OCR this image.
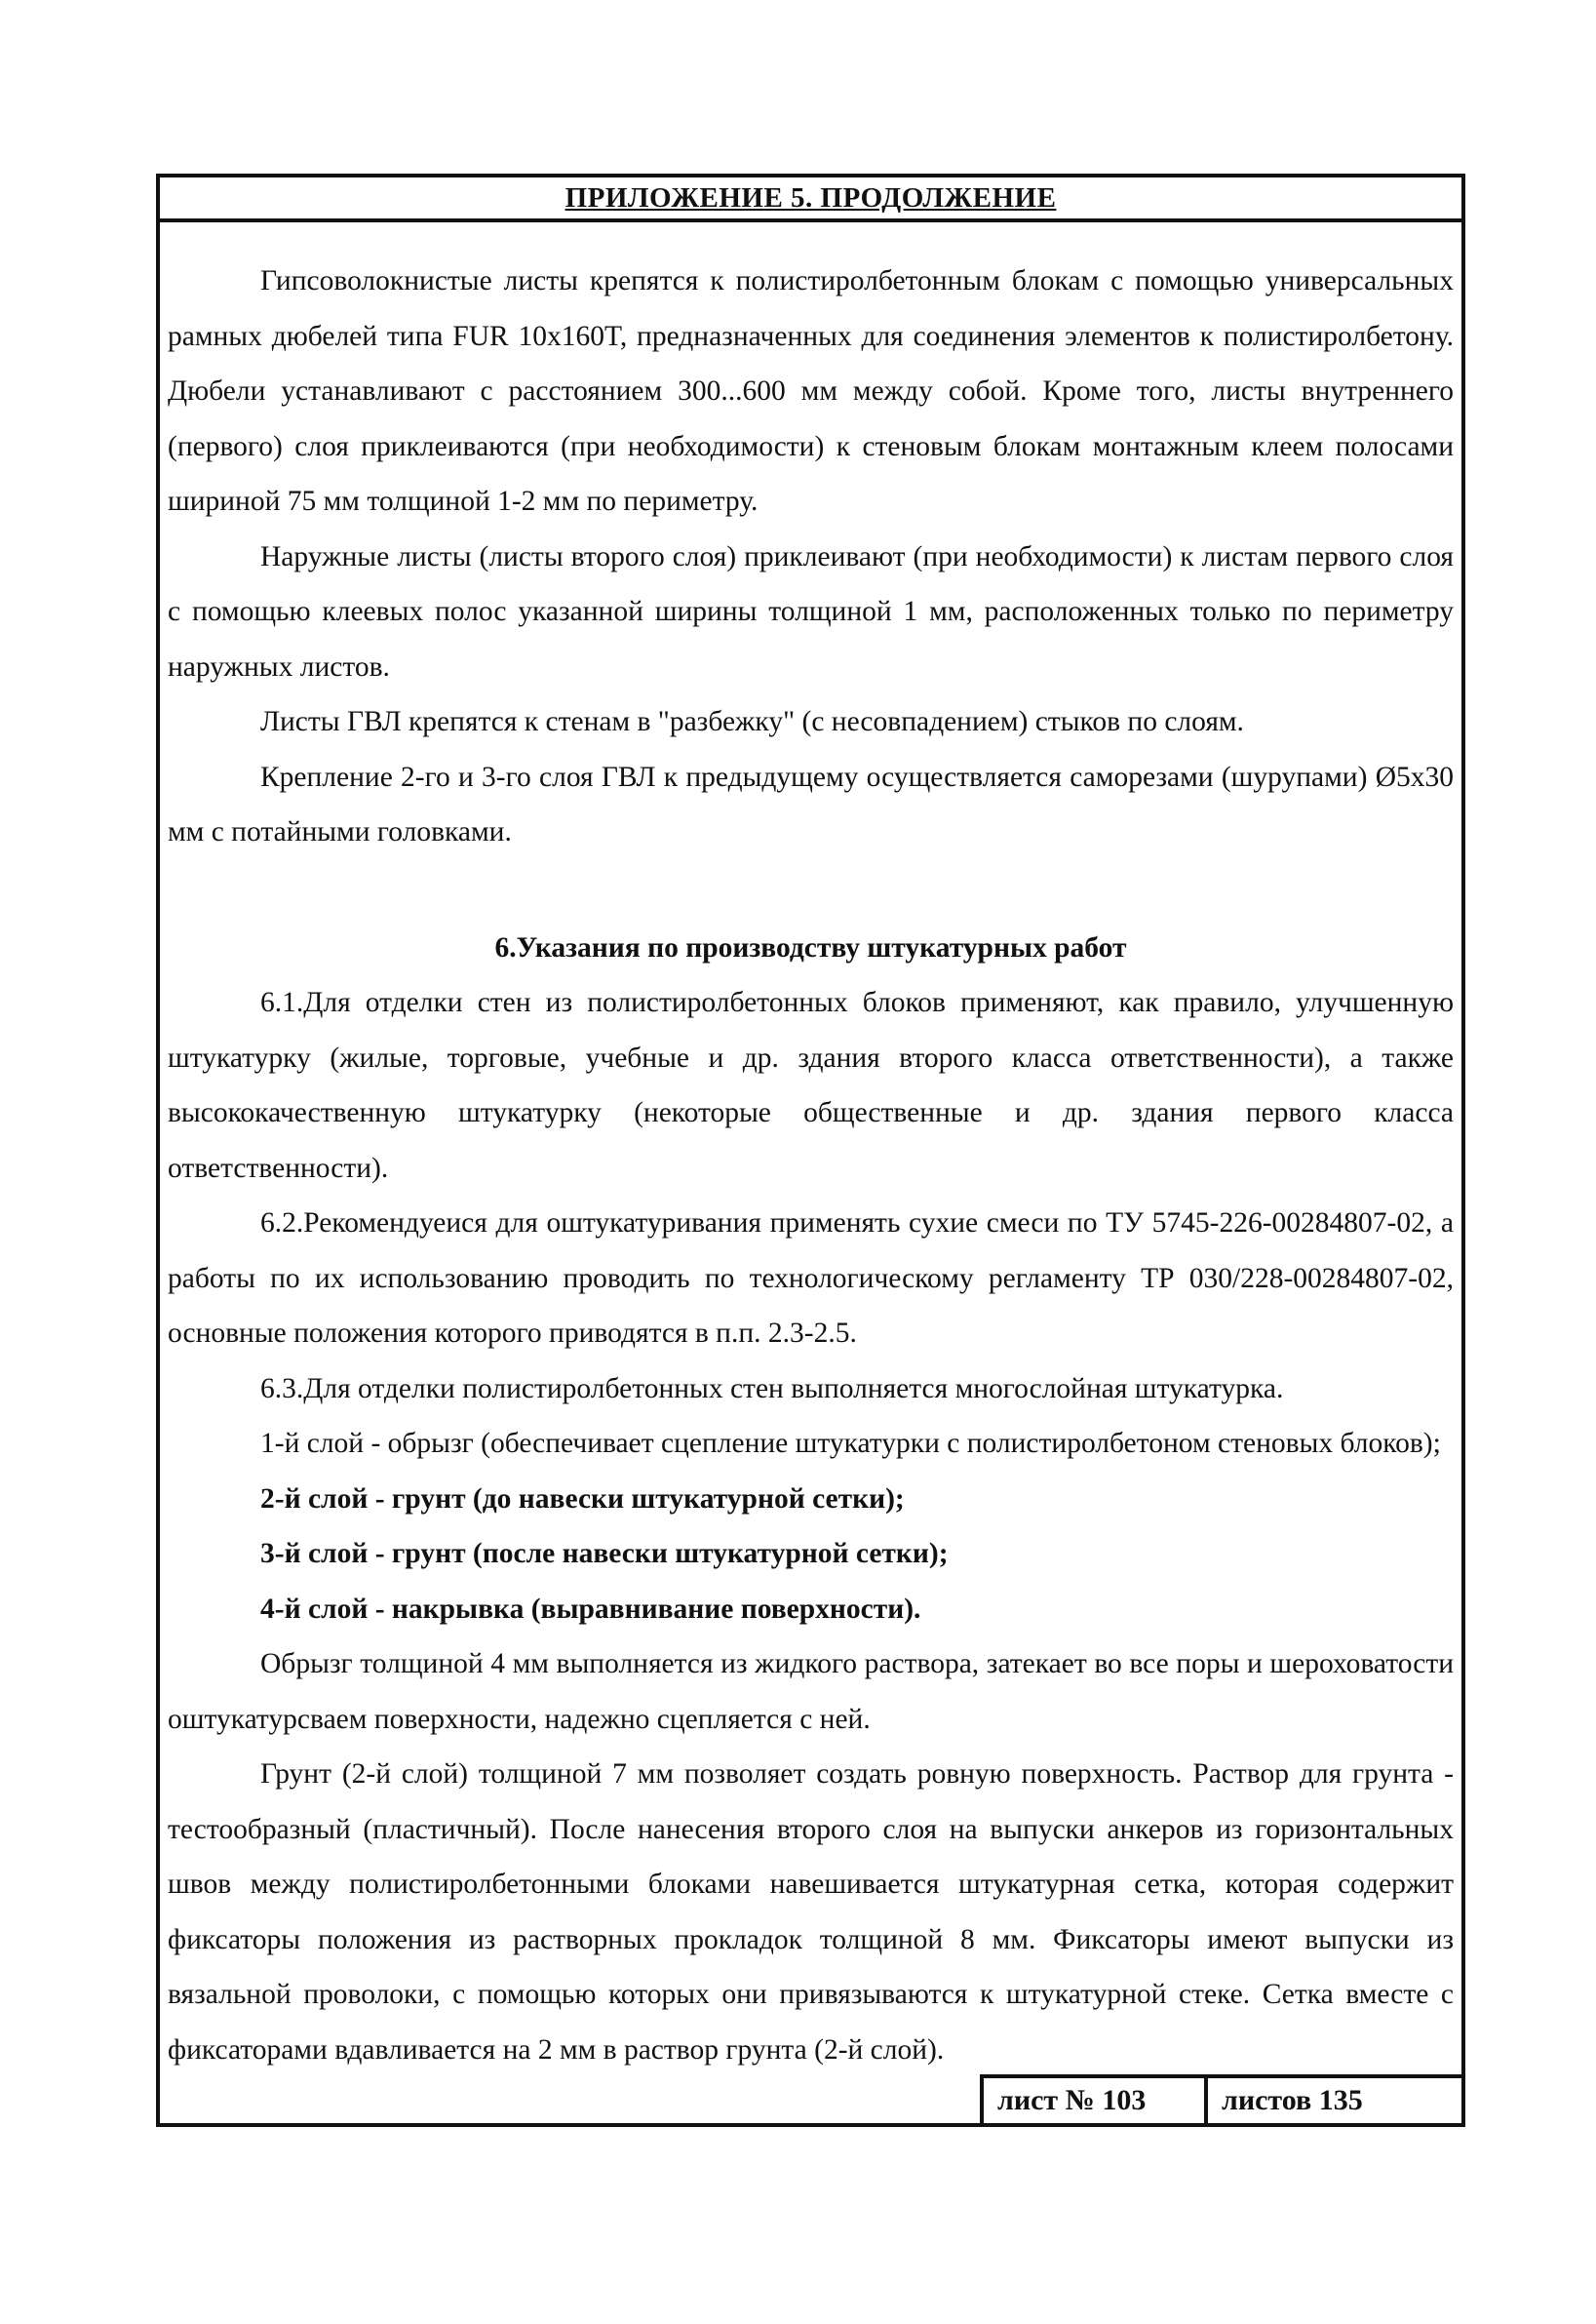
ПРИЛОЖЕНИЕ 5. ПРОДОЛЖЕНИЕ

Гипсоволокнистые листы крепятся к полистиролбетонным блокам с помощью универсальных рамных дюбелей типа FUR 10x160T, предназначенных для соединения элементов к полистиролбетону. Дюбели устанавливают с расстоянием 300...600 мм между собой. Кроме того, листы внутреннего (первого) слоя приклеиваются (при необходимости) к стеновым блокам монтажным клеем полосами шириной 75 мм толщиной 1-2 мм по периметру.

Наружные листы (листы второго слоя) приклеивают (при необходимости) к листам первого слоя с помощью клеевых полос указанной ширины толщиной 1 мм, расположенных только по периметру наружных листов.

Листы ГВЛ крепятся к стенам в "разбежку" (с несовпадением) стыков по слоям.

Крепление 2-го и 3-го слоя ГВЛ к предыдущему осуществляется саморезами (шурупами) Ø5x30 мм с потайными головками.

6.Указания по производству штукатурных работ

6.1.Для отделки стен из полистиролбетонных блоков применяют, как правило, улучшенную штукатурку (жилые, торговые, учебные и др. здания второго класса ответственности), а также высококачественную штукатурку (некоторые общественные и др. здания первого класса ответственности).

6.2.Рекомендуеися для оштукатуривания применять сухие смеси по ТУ 5745-226-00284807-02, а работы по их использованию проводить по технологическому регламенту ТР 030/228-00284807-02, основные положения которого приводятся в п.п. 2.3-2.5.

6.3.Для отделки полистиролбетонных стен выполняется многослойная штукатурка.

1-й слой - обрызг (обеспечивает сцепление штукатурки с полистиролбетоном стеновых блоков);

2-й слой - грунт (до навески штукатурной сетки);

3-й слой - грунт (после навески штукатурной сетки);

4-й слой - накрывка (выравнивание поверхности).

Обрызг толщиной 4 мм выполняется из жидкого раствора, затекает во все поры и шероховатости оштукатурсваем поверхности, надежно сцепляется с ней.

Грунт (2-й слой) толщиной 7 мм позволяет создать ровную поверхность. Раствор для грунта - тестообразный (пластичный). После нанесения второго слоя на выпуски анкеров из горизонтальных швов между полистиролбетонными блоками навешивается штукатурная сетка, которая содержит фиксаторы положения из растворных прокладок толщиной 8 мм. Фиксаторы имеют выпуски из вязальной проволоки, с помощью которых они привязываются к штукатурной стеке. Сетка вместе с фиксаторами вдавливается на 2 мм в раствор грунта (2-й слой).

лист № 103	листов 135
